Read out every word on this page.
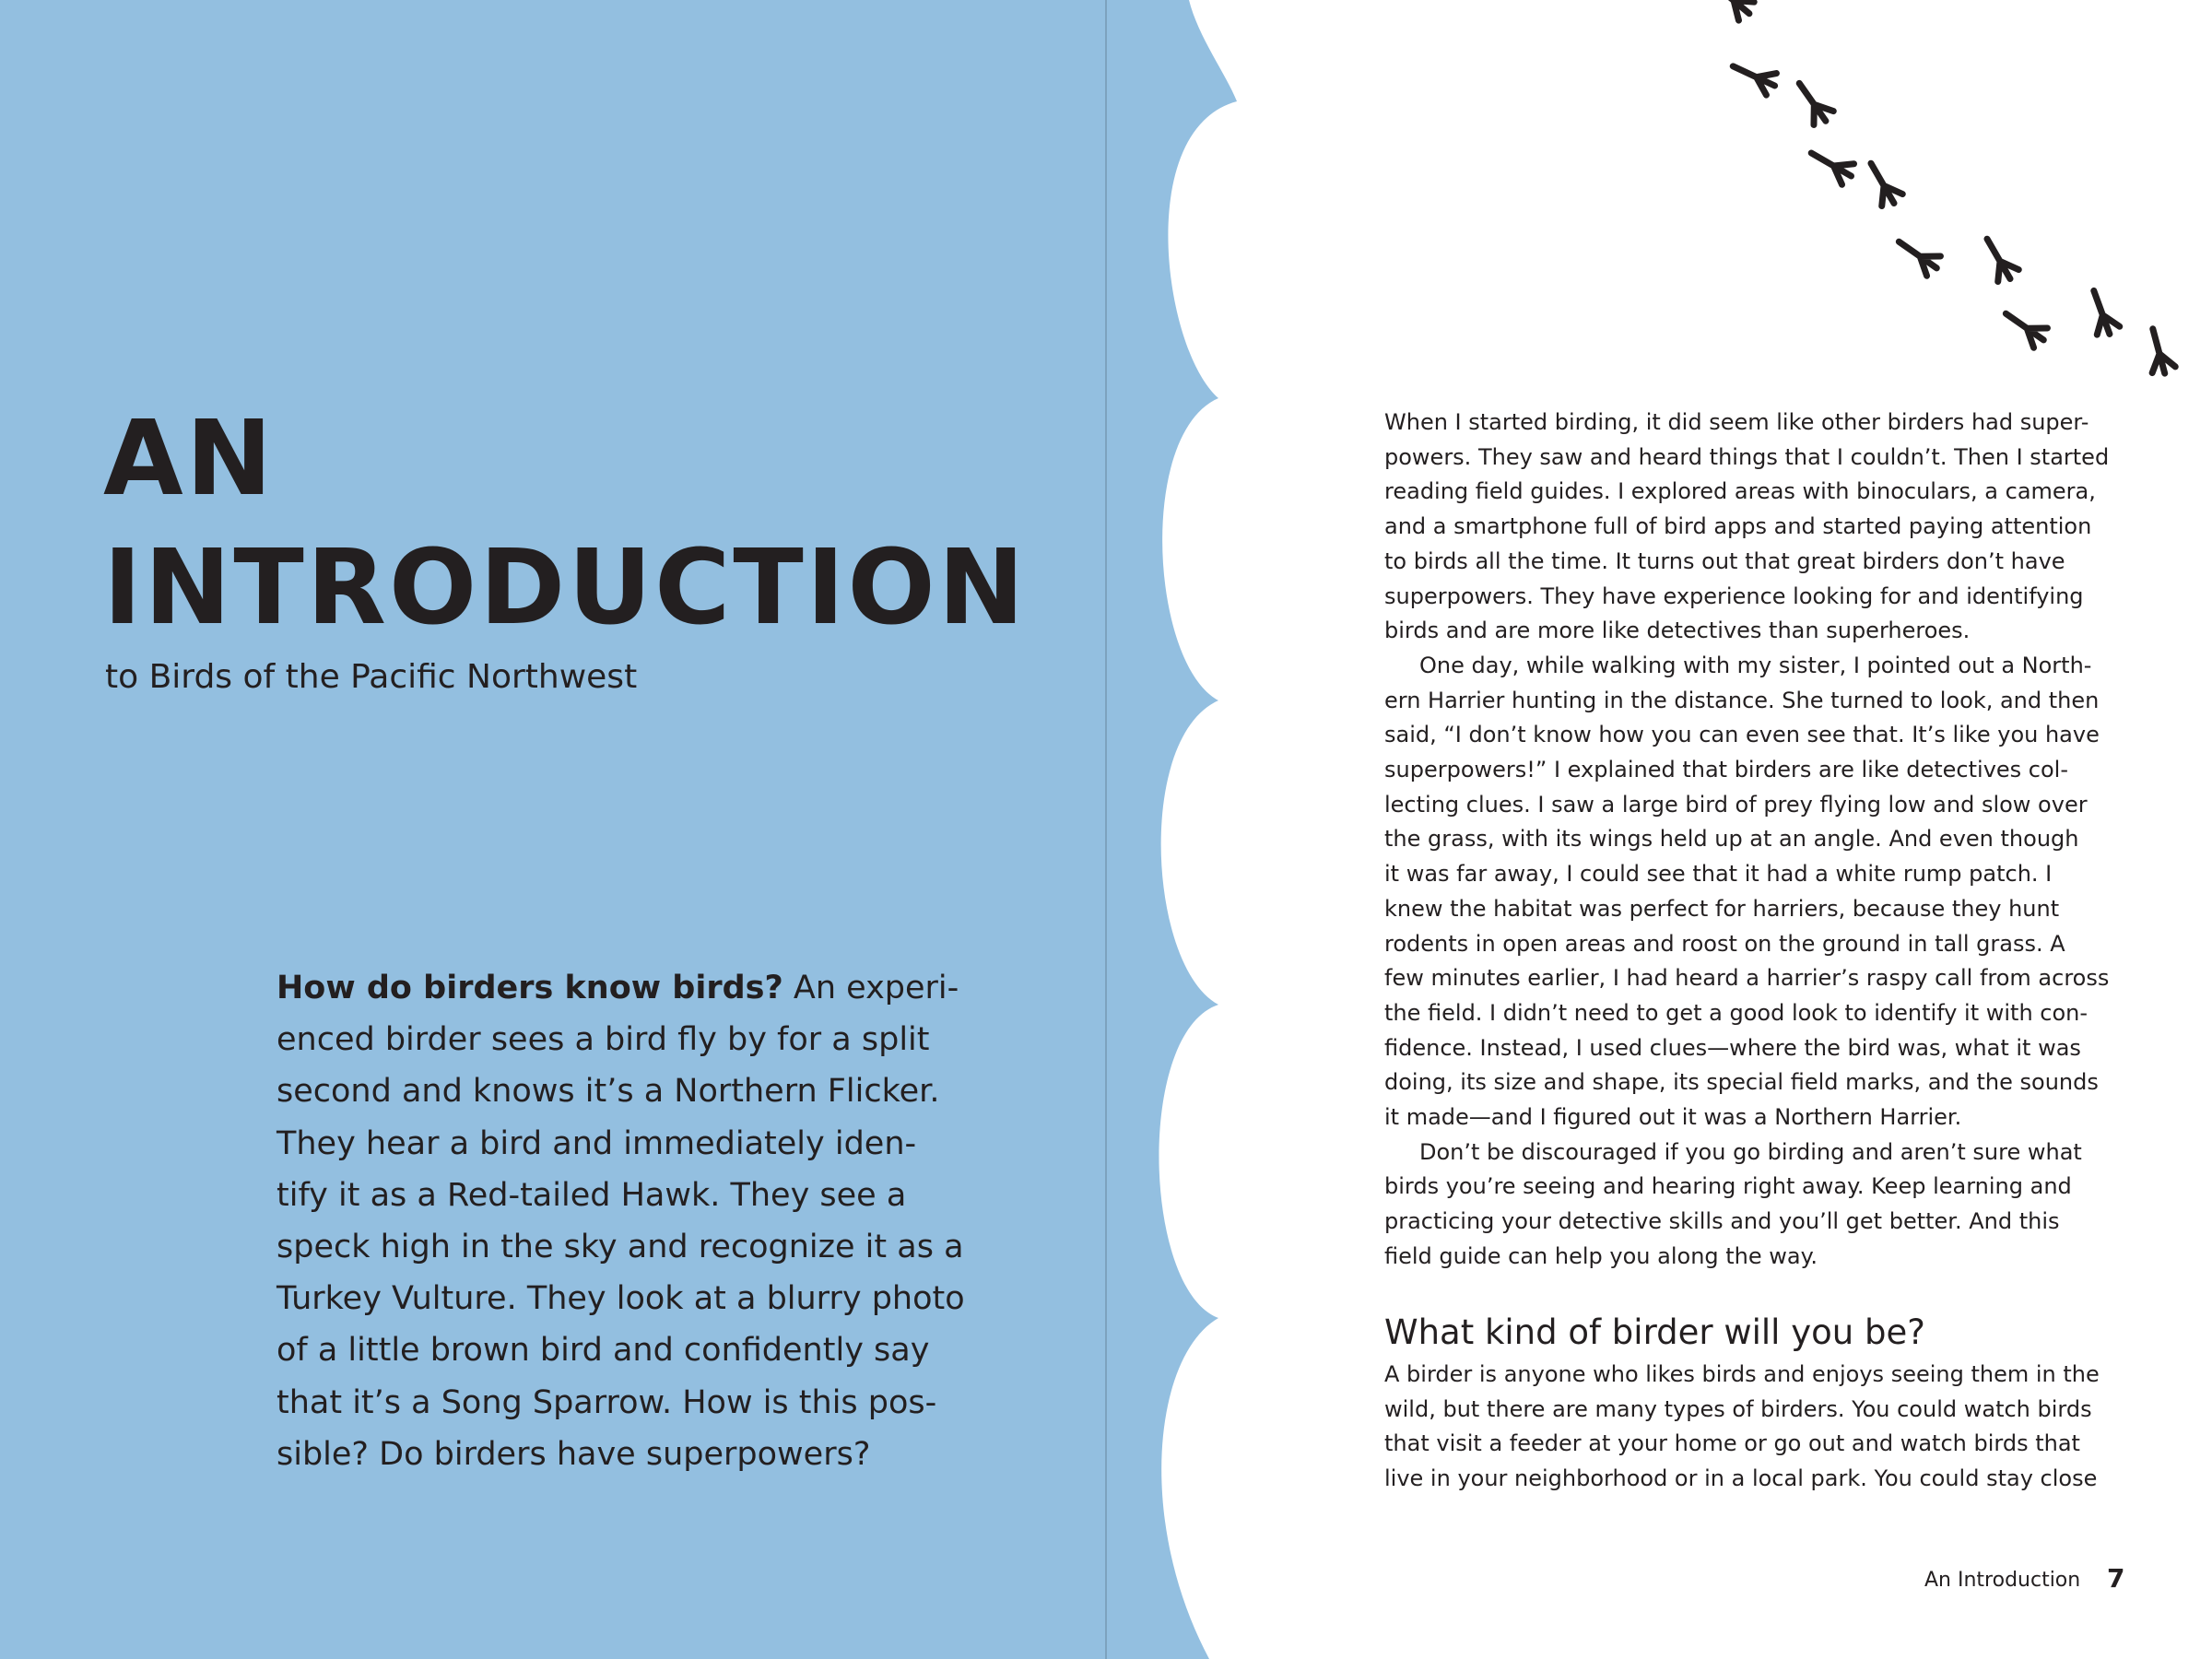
AN
INTRODUCTION

to Birds of the Pacific Northwest

How do birders know birds? An experi-
enced birder sees a bird fly by for a split
second and knows it’s a Northern Flicker.
They hear a bird and immediately iden-
tify it as a Red-tailed Hawk. They see a
speck high in the sky and recognize it as a
Turkey Vulture. They look at a blurry photo
of a little brown bird and confidently say
that it’s a Song Sparrow. How is this pos-
sible? Do birders have superpowers?

When I started birding, it did seem like other birders had super-
powers. They saw and heard things that I couldn’t. Then I started
reading field guides. I explored areas with binoculars, a camera,
and a smartphone full of bird apps and started paying attention
to birds all the time. It turns out that great birders don’t have
superpowers. They have experience looking for and identifying
birds and are more like detectives than superheroes.
One day, while walking with my sister, I pointed out a North-
ern Harrier hunting in the distance. She turned to look, and then
said, “I don’t know how you can even see that. It’s like you have
superpowers!” I explained that birders are like detectives col-
lecting clues. I saw a large bird of prey flying low and slow over
the grass, with its wings held up at an angle. And even though
it was far away, I could see that it had a white rump patch. I
knew the habitat was perfect for harriers, because they hunt
rodents in open areas and roost on the ground in tall grass. A
few minutes earlier, I had heard a harrier’s raspy call from across
the field. I didn’t need to get a good look to identify it with con-
fidence. Instead, I used clues—where the bird was, what it was
doing, its size and shape, its special field marks, and the sounds
it made—and I figured out it was a Northern Harrier.
Don’t be discouraged if you go birding and aren’t sure what
birds you’re seeing and hearing right away. Keep learning and
practicing your detective skills and you’ll get better. And this
field guide can help you along the way.
What kind of birder will you be?
A birder is anyone who likes birds and enjoys seeing them in the
wild, but there are many types of birders. You could watch birds
that visit a feeder at your home or go out and watch birds that
live in your neighborhood or in a local park. You could stay close
An Introduction 7
